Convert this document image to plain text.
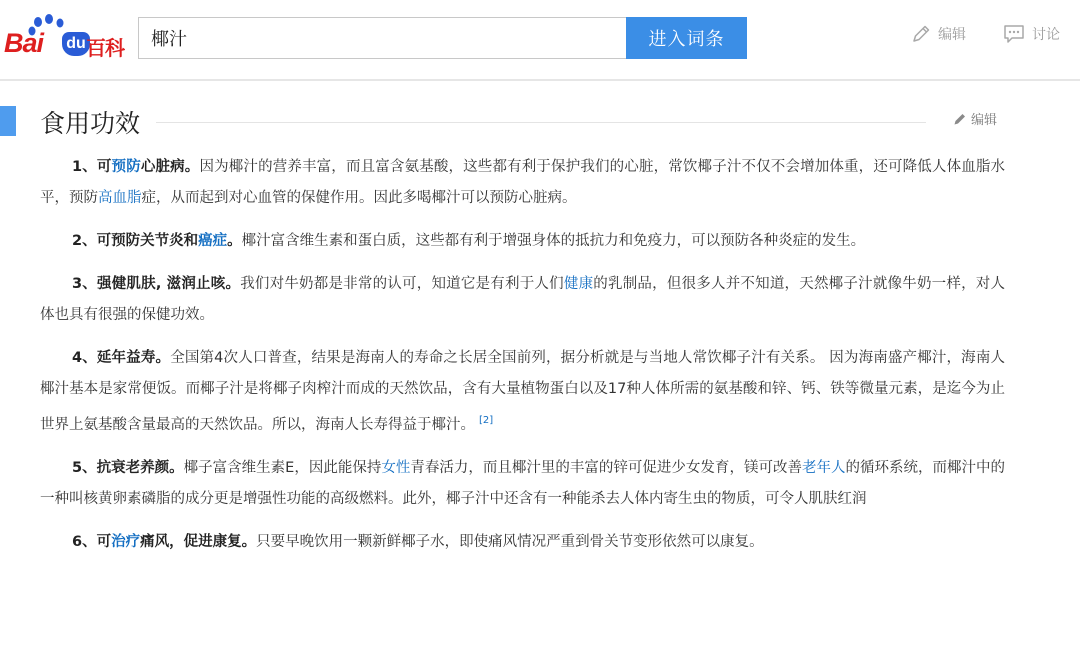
Bai du 百科
椰汁	进入词条	编辑	讨论
食用功效	编辑

1、可预防心脏病。因为椰汁的营养丰富，而且富含氨基酸，这些都有利于保护我们的心脏，常饮椰子汁不仅不会增加体重，还可降低人体血脂水平，预防高血脂症，从而起到对心血管的保健作用。因此多喝椰汁可以预防心脏病。

2、可预防关节炎和癌症。椰汁富含维生素和蛋白质，这些都有利于增强身体的抵抗力和免疫力，可以预防各种炎症的发生。

3、强健肌肤, 滋润止咳。我们对牛奶都是非常的认可，知道它是有利于人们健康的乳制品，但很多人并不知道，天然椰子汁就像牛奶一样，对人体也具有很强的保健功效。

4、延年益寿。全国第4次人口普查，结果是海南人的寿命之长居全国前列，据分析就是与当地人常饮椰子汁有关系。 因为海南盛产椰汁，海南人椰汁基本是家常便饭。而椰子汁是将椰子肉榨汁而成的天然饮品，含有大量植物蛋白以及17种人体所需的氨基酸和锌、钙、铁等微量元素，是迄今为止世界上氨基酸含量最高的天然饮品。所以，海南人长寿得益于椰汁。 [2]

5、抗衰老养颜。椰子富含维生素E，因此能保持女性青春活力，而且椰汁里的丰富的锌可促进少女发育，镁可改善老年人的循环系统，而椰汁中的一种叫核黄卵素磷脂的成分更是增强性功能的高级燃料。此外，椰子汁中还含有一种能杀去人体内寄生虫的物质，可令人肌肤红润

6、可治疗痛风，促进康复。只要早晚饮用一颗新鲜椰子水，即使痛风情况严重到骨关节变形依然可以康复。
